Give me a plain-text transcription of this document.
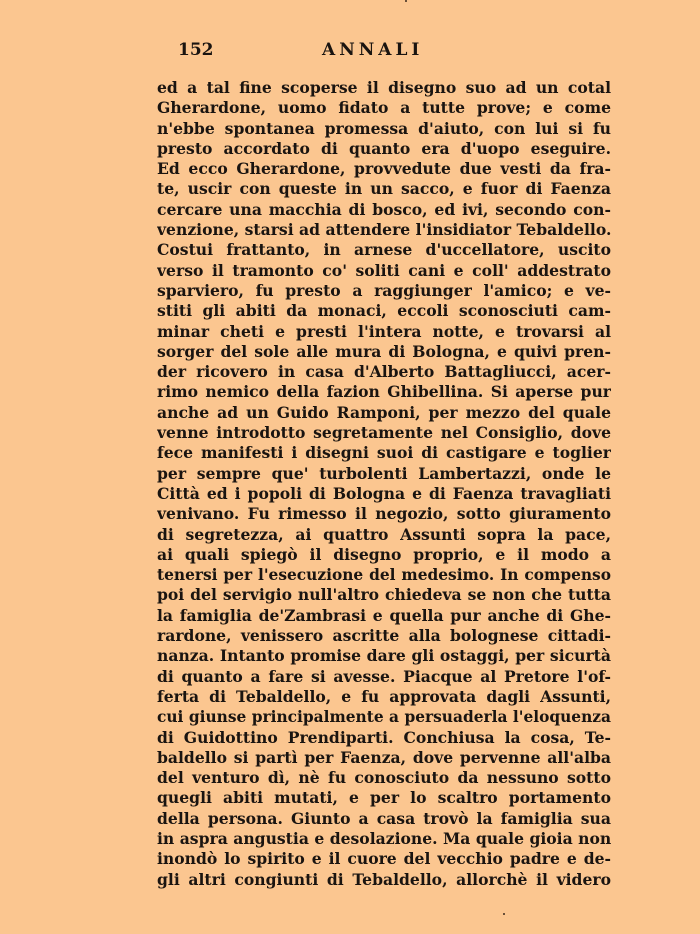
152	ANNALI
ed a tal fine scoperse il disegno suo ad un cotal
Gherardone, uomo fidato a tutte prove; e come
n'ebbe spontanea promessa d'aiuto, con lui si fu
presto accordato di quanto era d'uopo eseguire.
Ed ecco Gherardone, provvedute due vesti da fra-
te, uscir con queste in un sacco, e fuor di Faenza
cercare una macchia di bosco, ed ivi, secondo con-
venzione, starsi ad attendere l'insidiator Tebaldello.
Costui frattanto, in arnese d'uccellatore, uscito
verso il tramonto co' soliti cani e coll' addestrato
sparviero, fu presto a raggiunger l'amico; e ve-
stiti gli abiti da monaci, eccoli sconosciuti cam-
minar cheti e presti l'intera notte, e trovarsi al
sorger del sole alle mura di Bologna, e quivi pren-
der ricovero in casa d'Alberto Battagliucci, acer-
rimo nemico della fazion Ghibellina. Si aperse pur
anche ad un Guido Ramponi, per mezzo del quale
venne introdotto segretamente nel Consiglio, dove
fece manifesti i disegni suoi di castigare e toglier
per sempre que' turbolenti Lambertazzi, onde le
Città ed i popoli di Bologna e di Faenza travagliati
venivano. Fu rimesso il negozio, sotto giuramento
di segretezza, ai quattro Assunti sopra la pace,
ai quali spiegò il disegno proprio, e il modo a
tenersi per l'esecuzione del medesimo. In compenso
poi del servigio null'altro chiedeva se non che tutta
la famiglia de'Zambrasi e quella pur anche di Ghe-
rardone, venissero ascritte alla bolognese cittadi-
nanza. Intanto promise dare gli ostaggi, per sicurtà
di quanto a fare si avesse. Piacque al Pretore l'of-
ferta di Tebaldello, e fu approvata dagli Assunti,
cui giunse principalmente a persuaderla l'eloquenza
di Guidottino Prendiparti. Conchiusa la cosa, Te-
baldello si partì per Faenza, dove pervenne all'alba
del venturo dì, nè fu conosciuto da nessuno sotto
quegli abiti mutati, e per lo scaltro portamento
della persona. Giunto a casa trovò la famiglia sua
in aspra angustia e desolazione. Ma quale gioia non
inondò lo spirito e il cuore del vecchio padre e de-
gli altri congiunti di Tebaldello, allorchè il videro
